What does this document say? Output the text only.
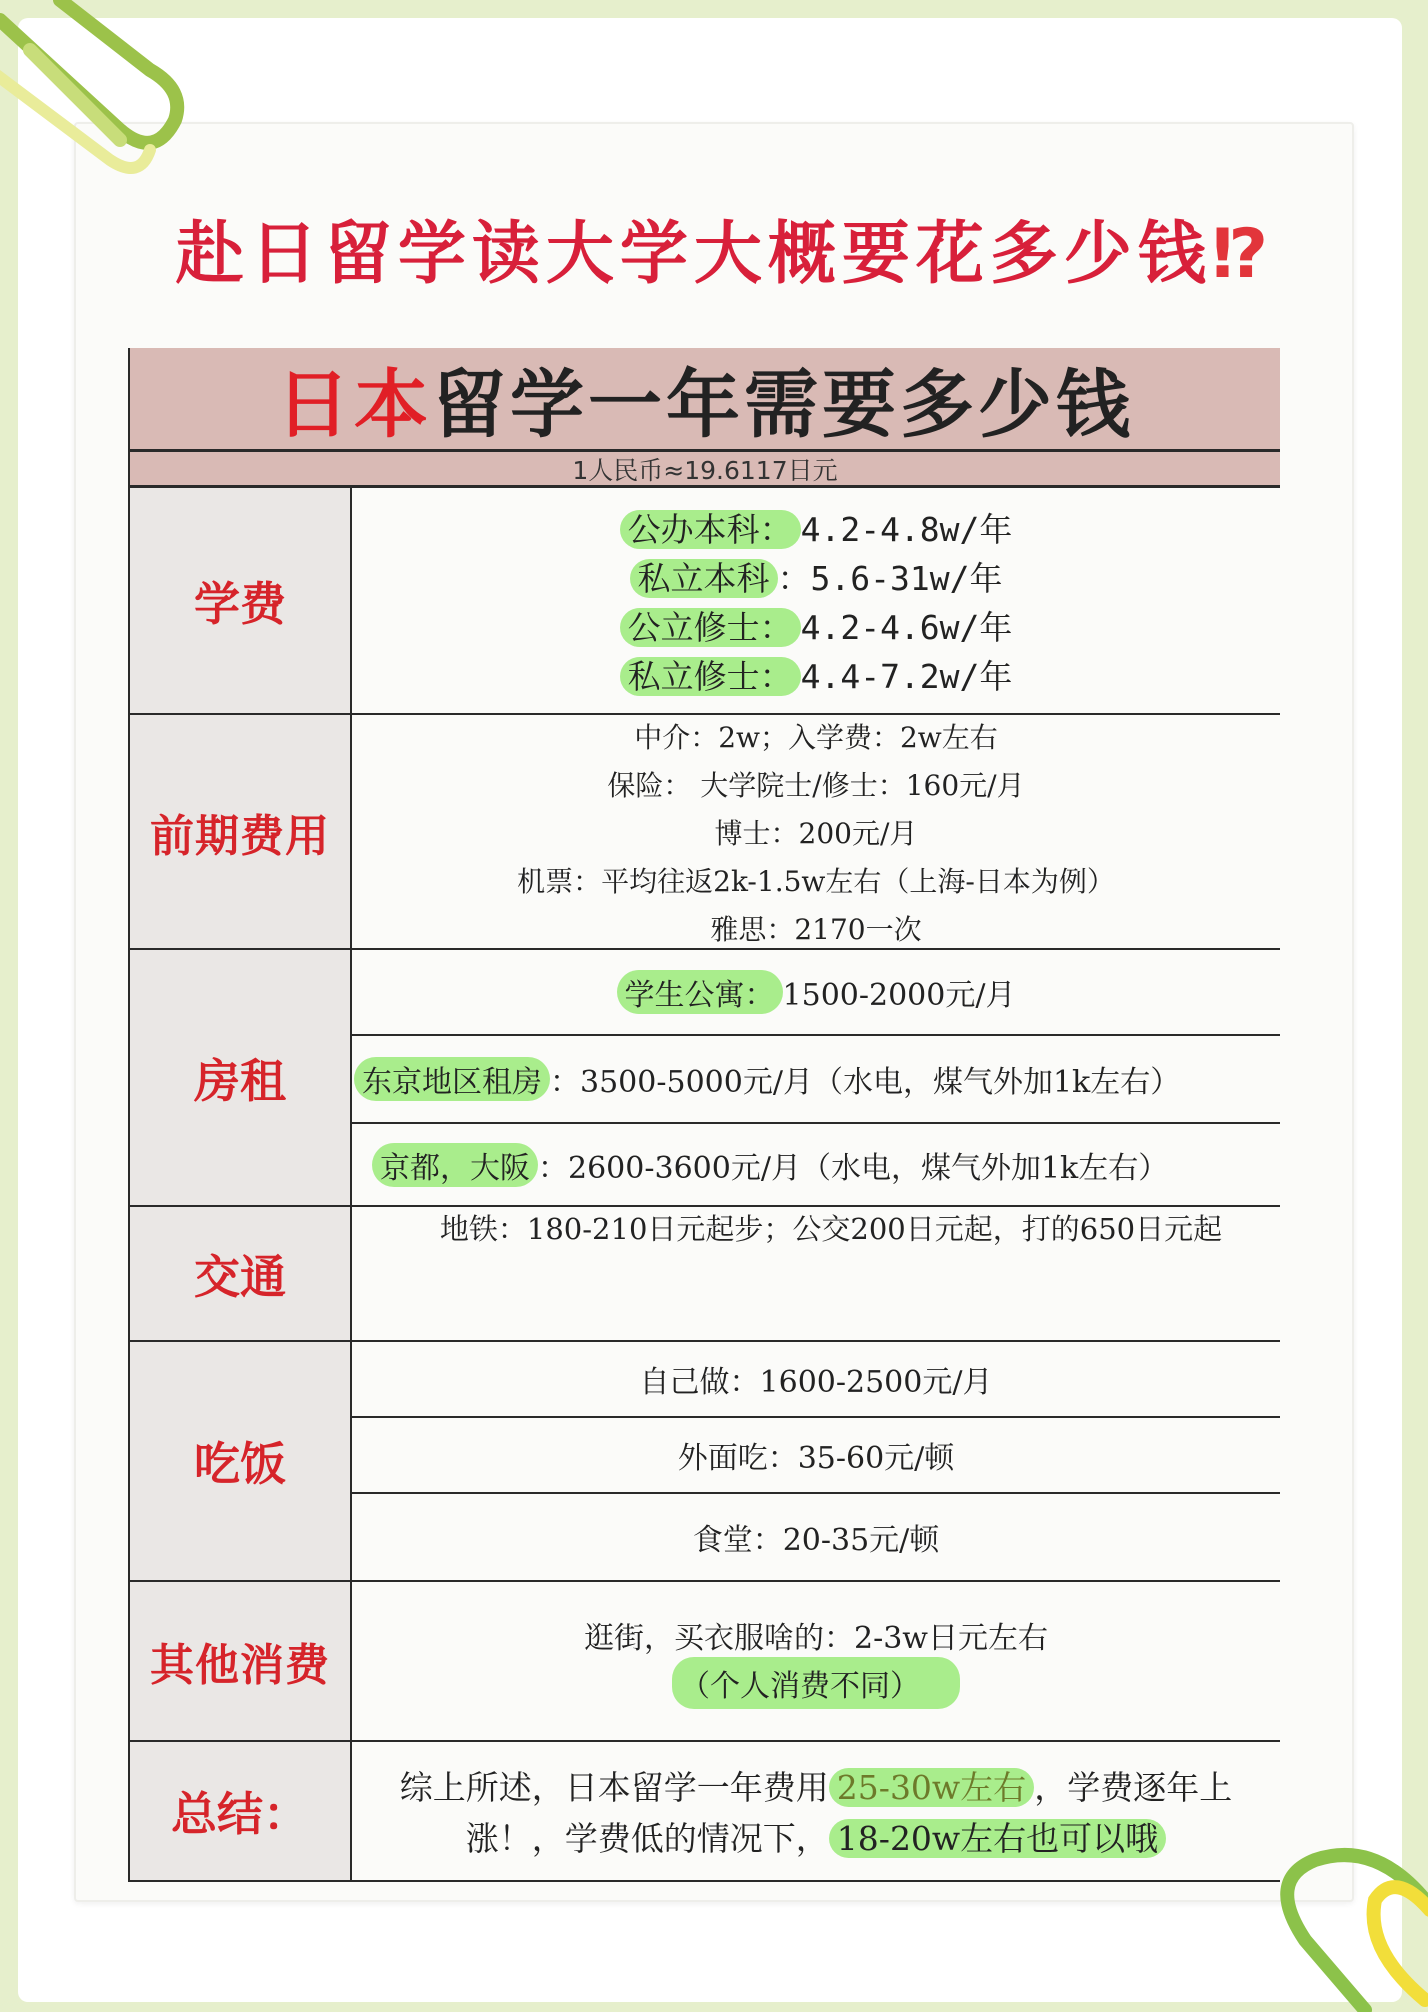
赴日留学读大学大概要花多少钱⁉
日本 留学一年需要多少钱
1人民币≈19.6117日元
学费
公办本科： 4.2-4.8w/年
私立本科 ：5.6-31w/年
公立修士： 4.2-4.6w/年
私立修士： 4.4-7.2w/年
前期费用
中介：2w；入学费：2w左右
保险： 大学院士/修士：160元/月
博士：200元/月
机票：平均往返2k-1.5w左右（上海-日本为例）
雅思：2170一次
房租
学生公寓： 1500-2000元/月
东京地区租房 ：3500-5000元/月（水电，煤气外加1k左右）
京都，大阪 ：2600-3600元/月（水电，煤气外加1k左右）
交通
地铁：180-210日元起步；公交200日元起，打的650日元起
吃饭
自己做：1600-2500元/月
外面吃：35-60元/顿
食堂：20-35元/顿
其他消费
逛街，买衣服啥的：2-3w日元左右
（个人消费不同）
总结：	综上所述，日本留学一年费用 25-30w左右 ，学费逐年上
涨！，学费低的情况下， 18-20w左右也可以哦
